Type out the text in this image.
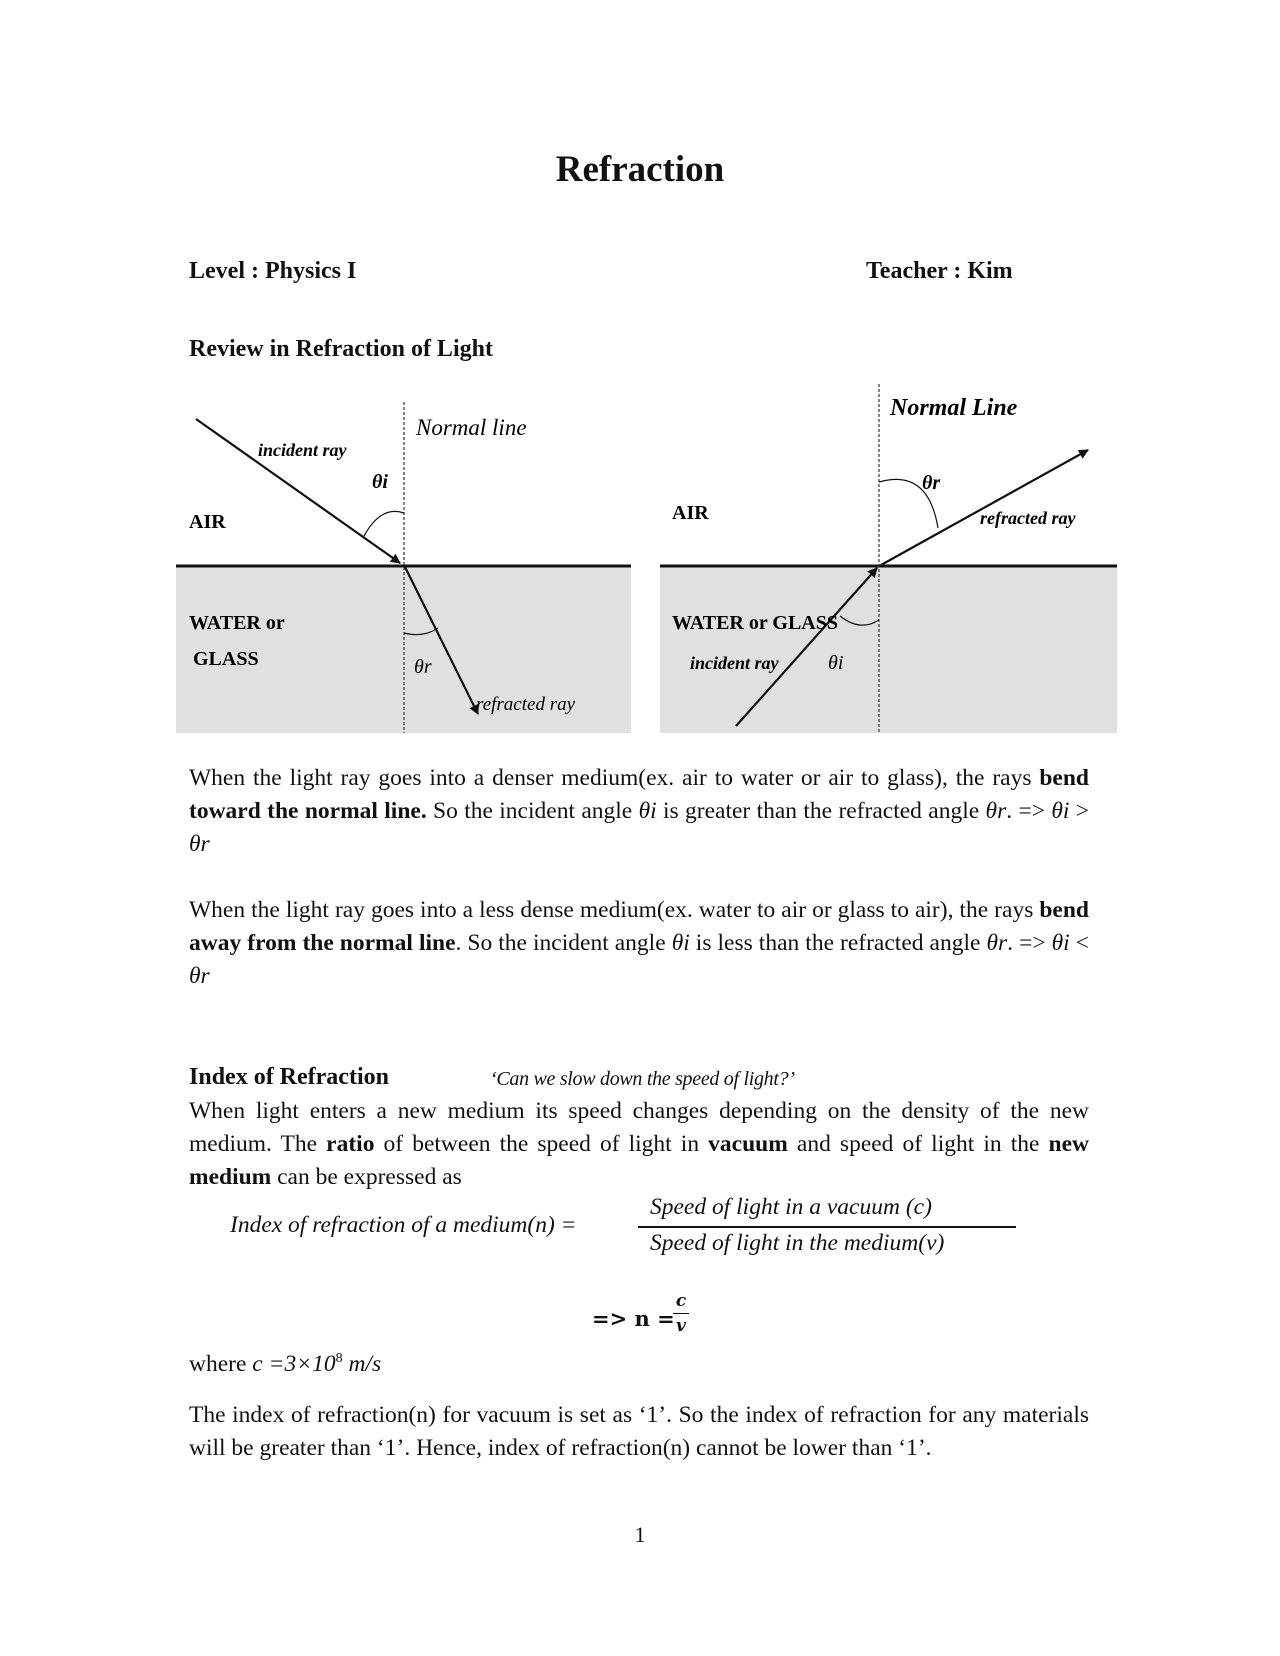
Refraction
Level : Physics I	Teacher : Kim
Review in Refraction of Light
Normal line
incident ray
θi
AIR
WATER or
GLASS	θr
refracted ray
Normal Line
θr
AIR	refracted ray
WATER or GLASS
incident ray θi
When the light ray goes into a denser medium(ex. air to water or air to glass), the rays bend toward the normal line. So the incident angle θi is greater than the refracted angle θr. => θi > θr
When the light ray goes into a less dense medium(ex. water to air or glass to air), the rays bend away from the normal line. So the incident angle θi is less than the refracted angle θr. => θi < θr
Index of Refraction	‘Can we slow down the speed of light?’
When light enters a new medium its speed changes depending on the density of the new medium. The ratio of between the speed of light in vacuum and speed of light in the new medium can be expressed as
Index of refraction of a medium(n) =
Speed of light in a vacuum (c)
Speed of light in the medium(v)
=> n =
c
v
where $c =3\times 10^8$ m/s
The index of refraction(n) for vacuum is set as ‘1’. So the index of refraction for any materials will be greater than ‘1’. Hence, index of refraction(n) cannot be lower than ‘1’.
1
